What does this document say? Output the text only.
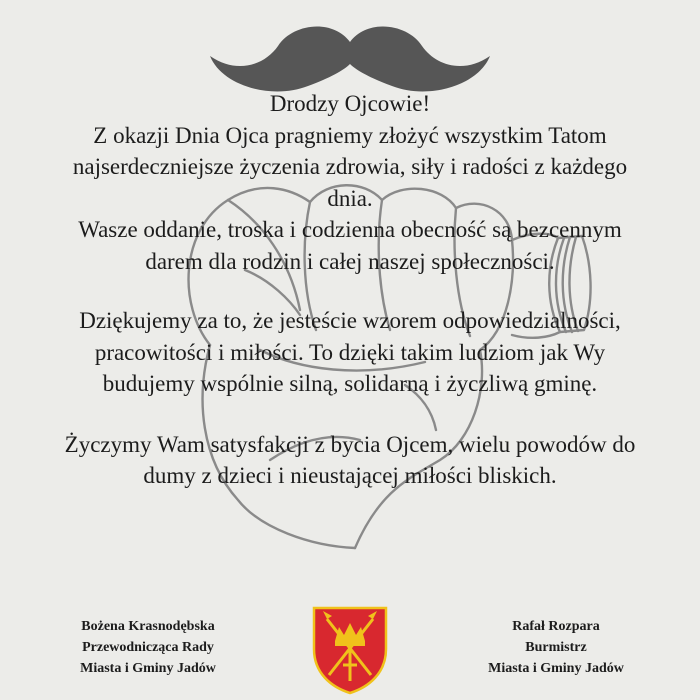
Drodzy Ojcowie!
Z okazji Dnia Ojca pragniemy złożyć wszystkim Tatom
najserdeczniejsze życzenia zdrowia, siły i radości z każdego
dnia.
Wasze oddanie, troska i codzienna obecność są bezcennym
darem dla rodzin i całej naszej społeczności.
Dziękujemy za to, że jesteście wzorem odpowiedzialności,
pracowitości i miłości. To dzięki takim ludziom jak Wy
budujemy wspólnie silną, solidarną i życzliwą gminę.
Życzymy Wam satysfakcji z bycia Ojcem, wielu powodów do
dumy z dzieci i nieustającej miłości bliskich.
Bożena Krasnodębska
Przewodnicząca Rady
Miasta i Gminy Jadów
Rafał Rozpara
Burmistrz
Miasta i Gminy Jadów
